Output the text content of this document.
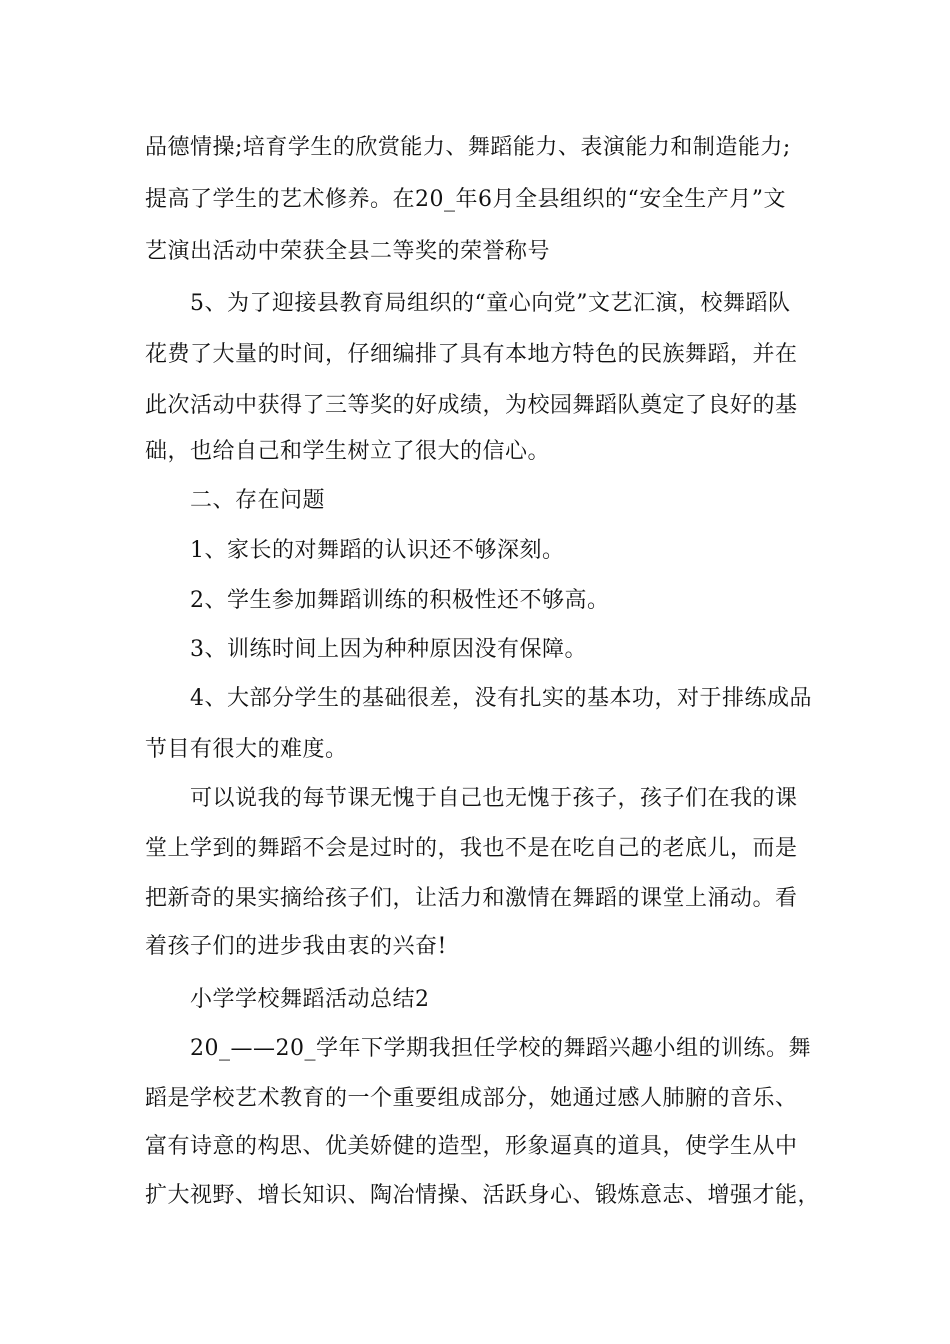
品德情操;培育学生的欣赏能力、舞蹈能力、表演能力和制造能力;
提高了学生的艺术修养。在20_年6月全县组织的“安全生产月”文
艺演出活动中荣获全县二等奖的荣誉称号
5、为了迎接县教育局组织的“童心向党”文艺汇演，校舞蹈队
花费了大量的时间，仔细编排了具有本地方特色的民族舞蹈，并在
此次活动中获得了三等奖的好成绩，为校园舞蹈队奠定了良好的基
础，也给自己和学生树立了很大的信心。
二、存在问题
1、家长的对舞蹈的认识还不够深刻。
2、学生参加舞蹈训练的积极性还不够高。
3、训练时间上因为种种原因没有保障。
4、大部分学生的基础很差，没有扎实的基本功，对于排练成品
节目有很大的难度。
可以说我的每节课无愧于自己也无愧于孩子，孩子们在我的课
堂上学到的舞蹈不会是过时的，我也不是在吃自己的老底儿，而是
把新奇的果实摘给孩子们，让活力和激情在舞蹈的课堂上涌动。看
着孩子们的进步我由衷的兴奋!
小学学校舞蹈活动总结2
20_——20_学年下学期我担任学校的舞蹈兴趣小组的训练。舞
蹈是学校艺术教育的一个重要组成部分，她通过感人肺腑的音乐、
富有诗意的构思、优美娇健的造型，形象逼真的道具，使学生从中
扩大视野、增长知识、陶冶情操、活跃身心、锻炼意志、增强才能，
